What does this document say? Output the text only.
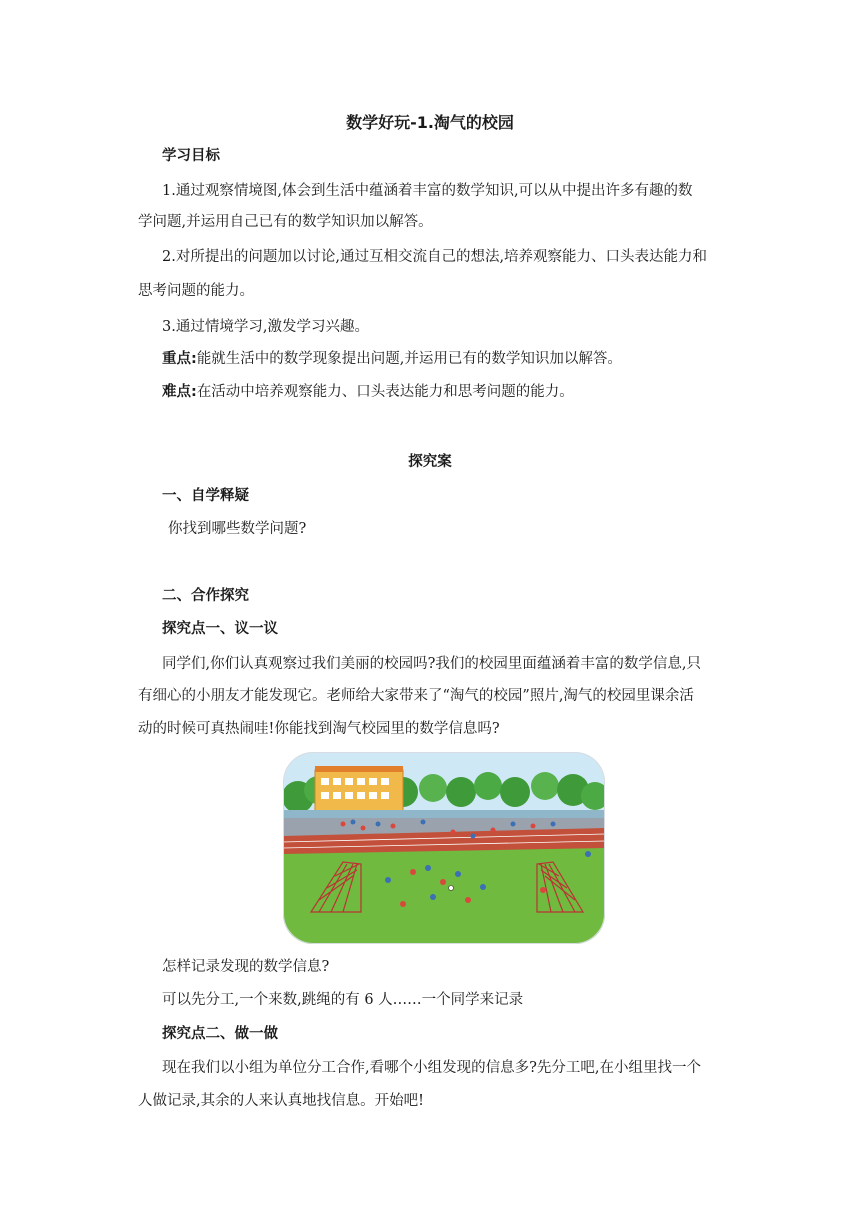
数学好玩-1.淘气的校园
学习目标
1.通过观察情境图,体会到生活中蕴涵着丰富的数学知识,可以从中提出许多有趣的数
学问题,并运用自己已有的数学知识加以解答。
2.对所提出的问题加以讨论,通过互相交流自己的想法,培养观察能力、口头表达能力和
思考问题的能力。
3.通过情境学习,激发学习兴趣。
重点:能就生活中的数学现象提出问题,并运用已有的数学知识加以解答。
难点:在活动中培养观察能力、口头表达能力和思考问题的能力。
探究案
一、自学释疑
你找到哪些数学问题?
二、合作探究
探究点一、议一议
同学们,你们认真观察过我们美丽的校园吗?我们的校园里面蕴涵着丰富的数学信息,只
有细心的小朋友才能发现它。老师给大家带来了“淘气的校园”照片,淘气的校园里课余活
动的时候可真热闹哇!你能找到淘气校园里的数学信息吗?
怎样记录发现的数学信息?
可以先分工,一个来数,跳绳的有 6 人……一个同学来记录
探究点二、做一做
现在我们以小组为单位分工合作,看哪个小组发现的信息多?先分工吧,在小组里找一个
人做记录,其余的人来认真地找信息。开始吧!
